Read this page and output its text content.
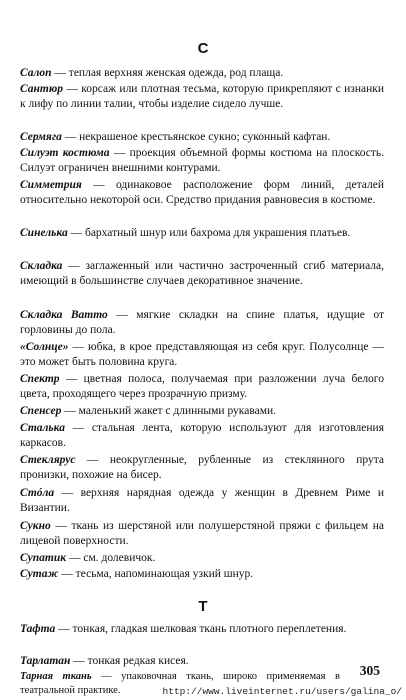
С
Салоп — теплая верхняя женская одежда, род плаща.
Сантюр — корсаж или плотная тесьма, которую прикрепляют с изнанки к лифу по линии талии, чтобы изделие сидело лучше.
Сермяга — некрашеное крестьянское сукно; суконный кафтан.
Силуэт костюма — проекция объемной формы костюма на плоскость. Силуэт ограничен внешними контурами.
Симметрия — одинаковое расположение форм линий, деталей относительно некоторой оси. Средство придания равновесия в костюме.
Синелька — бархатный шнур или бахрома для украшения платьев.
Складка — заглаженный или частично застроченный сгиб материала, имеющий в большинстве случаев декоративное значение.
Складка Ватто — мягкие складки на спине платья, идущие от горловины до пола.
«Солнце» — юбка, в крое представляющая из себя круг. Полусолнце — это может быть половина круга.
Спектр — цветная полоса, получаемая при разложении луча белого цвета, проходящего через прозрачную призму.
Спенсер — маленький жакет с длинными рукавами.
Сталька — стальная лента, которую используют для изготовления каркасов.
Стеклярус — неокругленные, рубленные из стеклянного прута пронизки, похожие на бисер.
Стóла — верхняя нарядная одежда у женщин в Древнем Риме и Византии.
Сукно — ткань из шерстяной или полушерстяной пряжи с фильцем на лицевой поверхности.
Супатик — см. долевичок.
Сутаж — тесьма, напоминающая узкий шнур.
Т
Тафта — тонкая, гладкая шелковая ткань плотного переплетения.
Тарлатан — тонкая редкая кисея.
Тарная ткань — упаковочная ткань, широко применяемая в театральной практике.
305
http://www.liveinternet.ru/users/galina_o/
